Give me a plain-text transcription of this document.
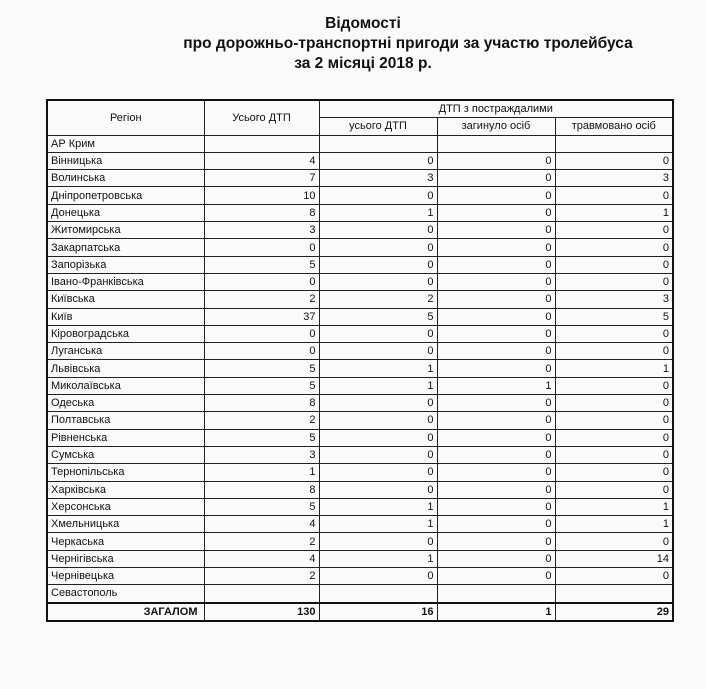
Відомості
про дорожньо-транспортні пригоди за участю тролейбуса
за 2 місяці 2018 р.
Регіон	Усього ДТП	ДТП з постраждалими		
		усього ДТП	загинуло осіб	травмовано осіб
АР Крим				
Вінницька	4	0	0	0
Волинська	7	3	0	3
Дніпропетровська	10	0	0	0
Донецька	8	1	0	1
Житомирська	3	0	0	0
Закарпатська	0	0	0	0
Запорізька	5	0	0	0
Івано-Франківська	0	0	0	0
Київська	2	2	0	3
Київ	37	5	0	5
Кіровоградська	0	0	0	0
Луганська	0	0	0	0
Львівська	5	1	0	1
Миколаївська	5	1	1	0
Одеська	8	0	0	0
Полтавська	2	0	0	0
Рівненська	5	0	0	0
Сумська	3	0	0	0
Тернопільська	1	0	0	0
Харківська	8	0	0	0
Херсонська	5	1	0	1
Хмельницька	4	1	0	1
Черкаська	2	0	0	0
Чернігівська	4	1	0	14
Чернівецька	2	0	0	0
Севастополь				
ЗАГАЛОМ	130	16	1	29
